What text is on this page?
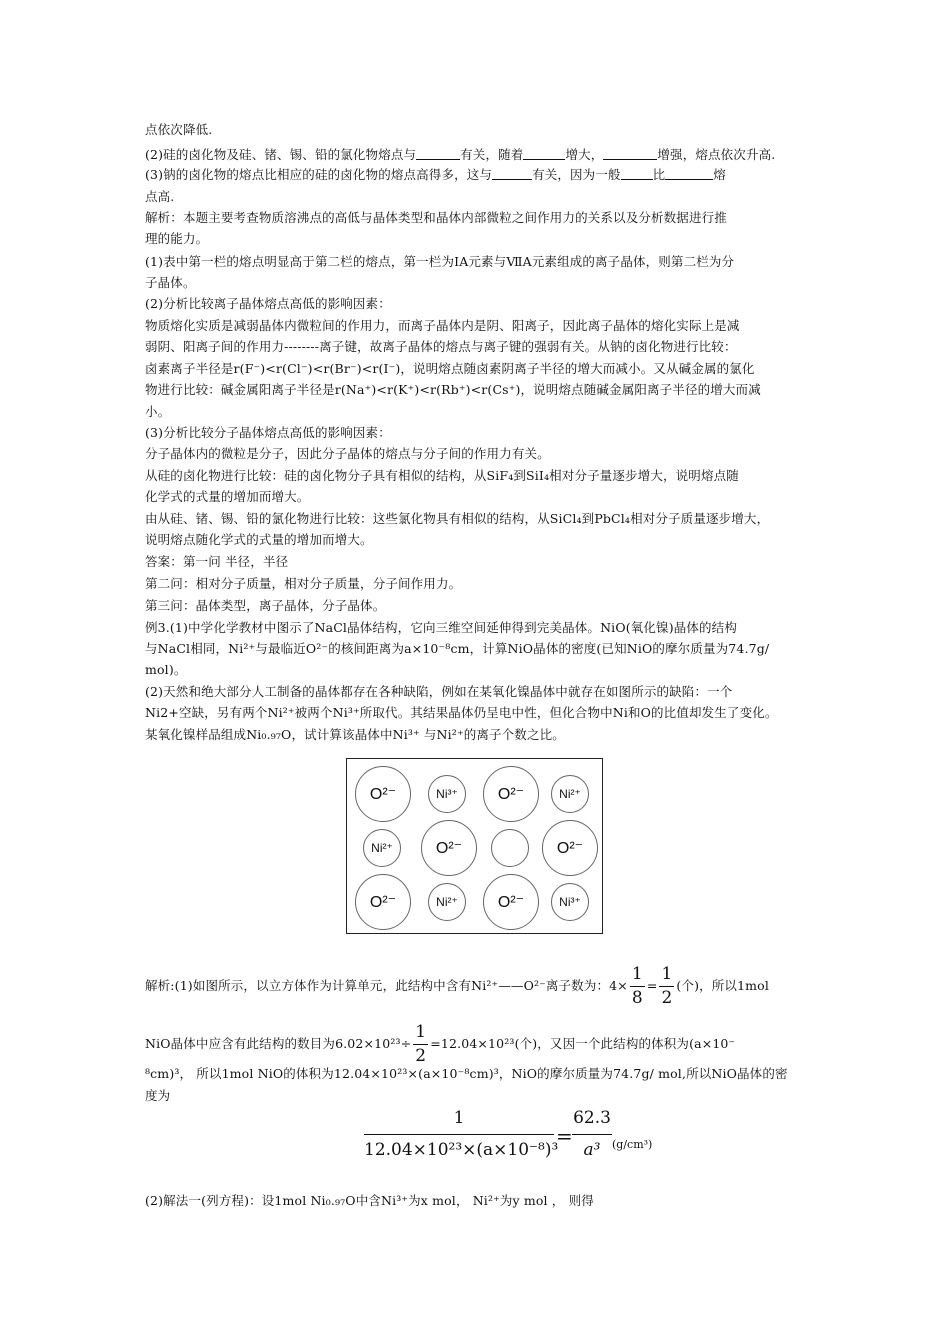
点依次降低.
(2)硅的卤化物及硅、锗、锡、铅的氯化物熔点与	有关，随着	增大，	增强，熔点依次升高.
(3)钠的卤化物的熔点比相应的硅的卤化物的熔点高得多，这与	有关，因为一般	比	熔
点高.
解析：本题主要考查物质溶沸点的高低与晶体类型和晶体内部微粒之间作用力的关系以及分析数据进行推
理的能力。
(1)表中第一栏的熔点明显高于第二栏的熔点，第一栏为ⅠA元素与ⅦA元素组成的离子晶体，则第二栏为分
子晶体。
(2)分析比较离子晶体熔点高低的影响因素：
物质熔化实质是减弱晶体内微粒间的作用力，而离子晶体内是阴、阳离子，因此离子晶体的熔化实际上是减
弱阴、阳离子间的作用力--------离子键，故离子晶体的熔点与离子键的强弱有关。从钠的卤化物进行比较：
卤素离子半径是r(F⁻)<r(Cl⁻)<r(Br⁻)<r(I⁻)，说明熔点随卤素阴离子半径的增大而减小。又从碱金属的氯化
物进行比较：碱金属阳离子半径是r(Na⁺)<r(K⁺)<r(Rb⁺)<r(Cs⁺)，说明熔点随碱金属阳离子半径的增大而减
小。
(3)分析比较分子晶体熔点高低的影响因素：
分子晶体内的微粒是分子，因此分子晶体的熔点与分子间的作用力有关。
从硅的卤化物进行比较：硅的卤化物分子具有相似的结构，从SiF₄到SiI₄相对分子量逐步增大，说明熔点随
化学式的式量的增加而增大。
由从硅、锗、锡、铅的氯化物进行比较：这些氯化物具有相似的结构，从SiCl₄到PbCl₄相对分子质量逐步增大，
说明熔点随化学式的式量的增加而增大。
答案：第一问 半径，半径
第二问：相对分子质量，相对分子质量，分子间作用力。
第三问：晶体类型，离子晶体，分子晶体。
例3.(1)中学化学教材中图示了NaCl晶体结构，它向三维空间延伸得到完美晶体。NiO(氧化镍)晶体的结构
与NaCl相同，Ni²⁺与最临近O²⁻的核间距离为a×10⁻⁸cm，计算NiO晶体的密度(已知NiO的摩尔质量为74.7g/
mol)。
(2)天然和绝大部分人工制备的晶体都存在各种缺陷，例如在某氧化镍晶体中就存在如图所示的缺陷：一个
Ni2+空缺，另有两个Ni²⁺被两个Ni³⁺所取代。其结果晶体仍呈电中性，但化合物中Ni和O的比值却发生了变化。
某氧化镍样品组成Ni₀.₉₇O，试计算该晶体中Ni³⁺ 与Ni²⁺的离子个数之比。
O²⁻	Ni³⁺	O²⁻	Ni²⁺
Ni²⁺	O²⁻	O²⁻
O²⁻	Ni²⁺	O²⁻	Ni³⁺
解析:(1)如图所示，以立方体作为计算单元，此结构中含有Ni²⁺——O²⁻离子数为：$4\times \frac{1}{8} = \frac{1}{2}$ (个)，所以1mol
NiO晶体中应含有此结构的数目为$6.02\times 10^{23}\div \frac{1}{2} =12.04\times 10^{23}$(个)，又因一个此结构的体积为(a×10⁻
⁸cm)³， 所以1mol NiO的体积为12.04×10²³×(a×10⁻⁸cm)³，NiO的摩尔质量为74.7g/ mol,所以NiO晶体的密
度为
1
12.04×10²³×(a×10⁻⁸)³
=
62.3
a³	(g/cm³)
(2)解法一(列方程)：设1mol Ni₀.₉₇O中含Ni³⁺为x mol， Ni²⁺为y mol ， 则得
